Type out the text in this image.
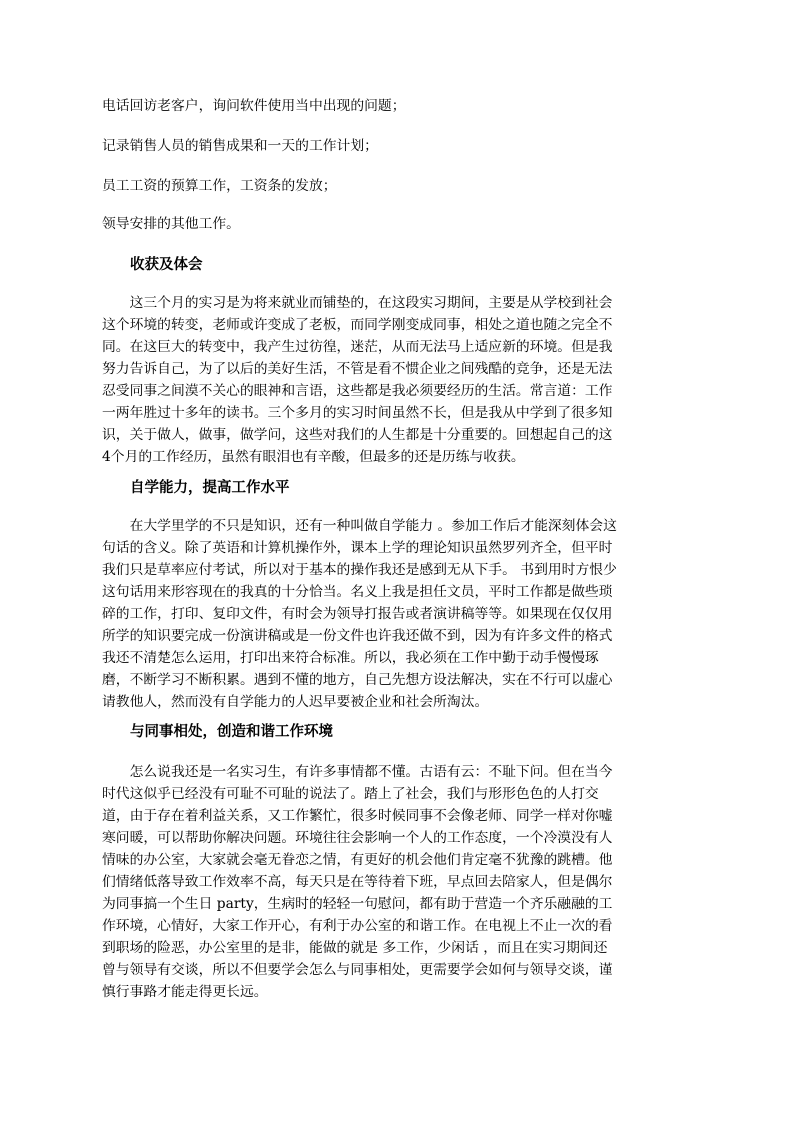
电话回访老客户，询问软件使用当中出现的问题；
记录销售人员的销售成果和一天的工作计划；
员工工资的预算工作，工资条的发放；
领导安排的其他工作。
收获及体会
　　这三个月的实习是为将来就业而铺垫的，在这段实习期间，主要是从学校到社会
这个环境的转变，老师或许变成了老板，而同学刚变成同事，相处之道也随之完全不
同。在这巨大的转变中，我产生过彷徨，迷茫，从而无法马上适应新的环境。但是我
努力告诉自己，为了以后的美好生活，不管是看不惯企业之间残酷的竞争，还是无法
忍受同事之间漠不关心的眼神和言语，这些都是我必须要经历的生活。常言道：工作
一两年胜过十多年的读书。三个多月的实习时间虽然不长，但是我从中学到了很多知
识，关于做人，做事，做学问，这些对我们的人生都是十分重要的。回想起自己的这
4个月的工作经历，虽然有眼泪也有辛酸，但最多的还是历练与收获。
自学能力，提高工作水平
　　在大学里学的不只是知识，还有一种叫做自学能力 。参加工作后才能深刻体会这
句话的含义。除了英语和计算机操作外，课本上学的理论知识虽然罗列齐全，但平时
我们只是草率应付考试，所以对于基本的操作我还是感到无从下手。 书到用时方恨少
这句话用来形容现在的我真的十分恰当。名义上我是担任文员，平时工作都是做些琐
碎的工作，打印、复印文件，有时会为领导打报告或者演讲稿等等。如果现在仅仅用
所学的知识要完成一份演讲稿或是一份文件也许我还做不到，因为有许多文件的格式
我还不清楚怎么运用，打印出来符合标准。所以，我必须在工作中勤于动手慢慢琢
磨，不断学习不断积累。遇到不懂的地方，自己先想方设法解决，实在不行可以虚心
请教他人，然而没有自学能力的人迟早要被企业和社会所淘汰。
与同事相处，创造和谐工作环境
　　怎么说我还是一名实习生，有许多事情都不懂。古语有云：不耻下问。但在当今
时代这似乎已经没有可耻不可耻的说法了。踏上了社会，我们与形形色色的人打交
道，由于存在着利益关系，又工作繁忙，很多时候同事不会像老师、同学一样对你嘘
寒问暖，可以帮助你解决问题。环境往往会影响一个人的工作态度，一个冷漠没有人
情味的办公室，大家就会毫无眷恋之情，有更好的机会他们肯定毫不犹豫的跳槽。他
们情绪低落导致工作效率不高，每天只是在等待着下班，早点回去陪家人，但是偶尔
为同事搞一个生日 party，生病时的轻轻一句慰问，都有助于营造一个齐乐融融的工
作环境，心情好，大家工作开心，有利于办公室的和谐工作。在电视上不止一次的看
到职场的险恶，办公室里的是非，能做的就是 多工作，少闲话 ，而且在实习期间还
曾与领导有交谈，所以不但要学会怎么与同事相处，更需要学会如何与领导交谈，谨
慎行事路才能走得更长远。
